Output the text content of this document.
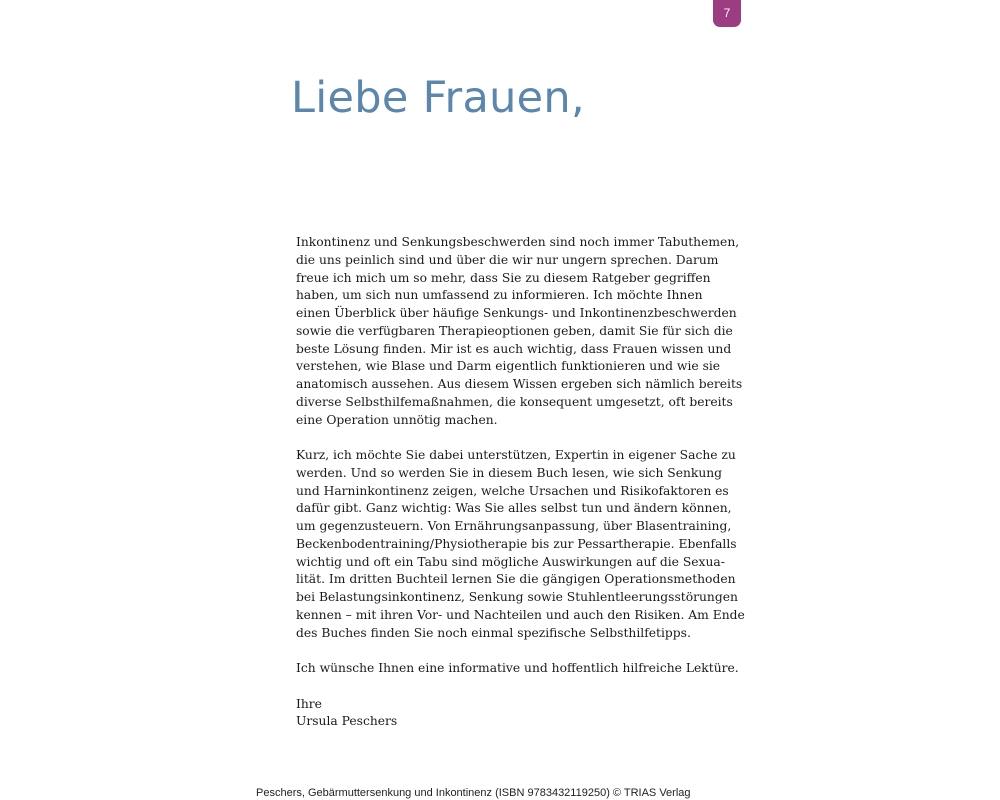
7
Liebe Frauen,
Inkontinenz und Senkungsbeschwerden sind noch immer Tabuthemen,
die uns peinlich sind und über die wir nur ungern sprechen. Darum
freue ich mich um so mehr, dass Sie zu diesem Ratgeber gegriffen
haben, um sich nun umfassend zu informieren. Ich möchte Ihnen
einen Überblick über häufige Senkungs- und Inkontinenzbeschwerden
sowie die verfügbaren Therapieoptionen geben, damit Sie für sich die
beste Lösung finden. Mir ist es auch wichtig, dass Frauen wissen und
verstehen, wie Blase und Darm eigentlich funktionieren und wie sie
anatomisch aussehen. Aus diesem Wissen ergeben sich nämlich bereits
diverse Selbsthilfemaßnahmen, die konsequent umgesetzt, oft bereits
eine Operation unnötig machen.
Kurz, ich möchte Sie dabei unterstützen, Expertin in eigener Sache zu
werden. Und so werden Sie in diesem Buch lesen, wie sich Senkung
und Harninkontinenz zeigen, welche Ursachen und Risikofaktoren es
dafür gibt. Ganz wichtig: Was Sie alles selbst tun und ändern können,
um gegenzusteuern. Von Ernährungsanpassung, über Blasentraining,
Beckenbodentraining/Physiotherapie bis zur Pessartherapie. Ebenfalls
wichtig und oft ein Tabu sind mögliche Auswirkungen auf die Sexua-
lität. Im dritten Buchteil lernen Sie die gängigen Operationsmethoden
bei Belastungsinkontinenz, Senkung sowie Stuhlentleerungsstörungen
kennen – mit ihren Vor- und Nachteilen und auch den Risiken. Am Ende
des Buches finden Sie noch einmal spezifische Selbsthilfetipps.
Ich wünsche Ihnen eine informative und hoffentlich hilfreiche Lektüre.
Ihre
Ursula Peschers
Peschers, Gebärmuttersenkung und Inkontinenz (ISBN 9783432119250) © TRIAS Verlag
